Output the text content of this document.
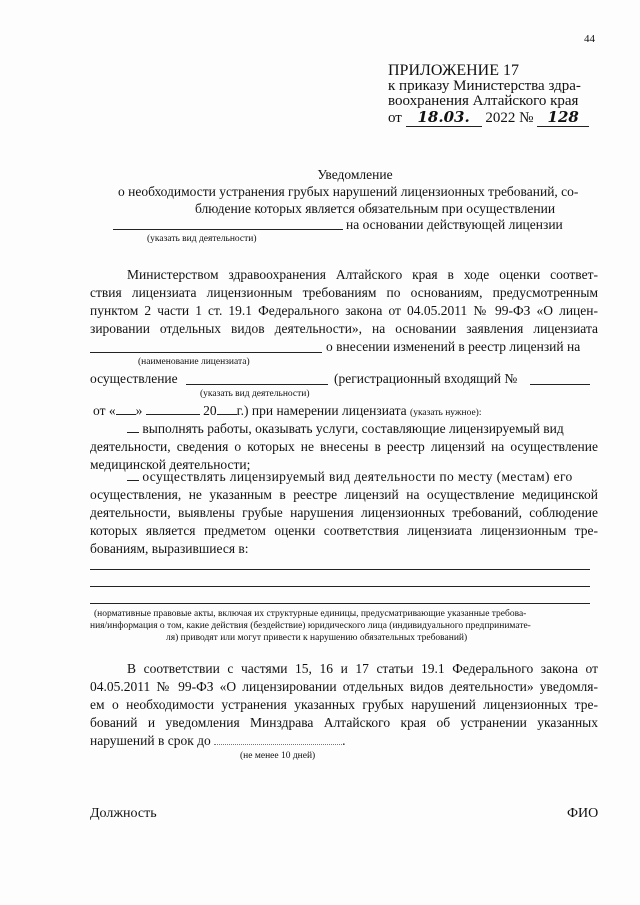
44
ПРИЛОЖЕНИЕ 17
к приказу Министерства здра-
воохранения Алтайского края
от 18.03. 2022 № 128
Уведомление
о необходимости устранения грубых нарушений лицензионных требований, со-
блюдение которых является обязательным при осуществлении
на основании действующей лицензии
(указать вид деятельности)
Министерством здравоохранения Алтайского края в ходе оценки соответ-
ствия лицензиата лицензионным требованиям по основаниям, предусмотренным
пунктом 2 части 1 ст. 19.1 Федерального закона от 04.05.2011 № 99-ФЗ «О лицен-
зировании отдельных видов деятельности», на основании заявления лицензиата
о внесении изменений в реестр лицензий на
(наименование лицензиата)
осуществление	(регистрационный входящий №
(указать вид деятельности)
от « »	20 г.) при намерении лицензиата (указать нужное):
выполнять работы, оказывать услуги, составляющие лицензируемый вид
деятельности, сведения о которых не внесены в реестр лицензий на осуществление
медицинской деятельности;
осуществлять лицензируемый вид деятельности по месту (местам) его
осуществления, не указанным в реестре лицензий на осуществление медицинской
деятельности, выявлены грубые нарушения лицензионных требований, соблюдение
которых является предметом оценки соответствия лицензиата лицензионным тре-
бованиям, выразившиеся в:
(нормативные правовые акты, включая их структурные единицы, предусматривающие указанные требова-
ния/информация о том, какие действия (бездействие) юридического лица (индивидуального предпринимате-
ля) приводят или могут привести к нарушению обязательных требований)
В соответствии с частями 15, 16 и 17 статьи 19.1 Федерального закона от
04.05.2011 № 99-ФЗ «О лицензировании отдельных видов деятельности» уведомля-
ем о необходимости устранения указанных грубых нарушений лицензионных тре-
бований и уведомления Минздрава Алтайского края об устранении указанных
нарушений в срок до	.
(не менее 10 дней)
Должность	ФИО
